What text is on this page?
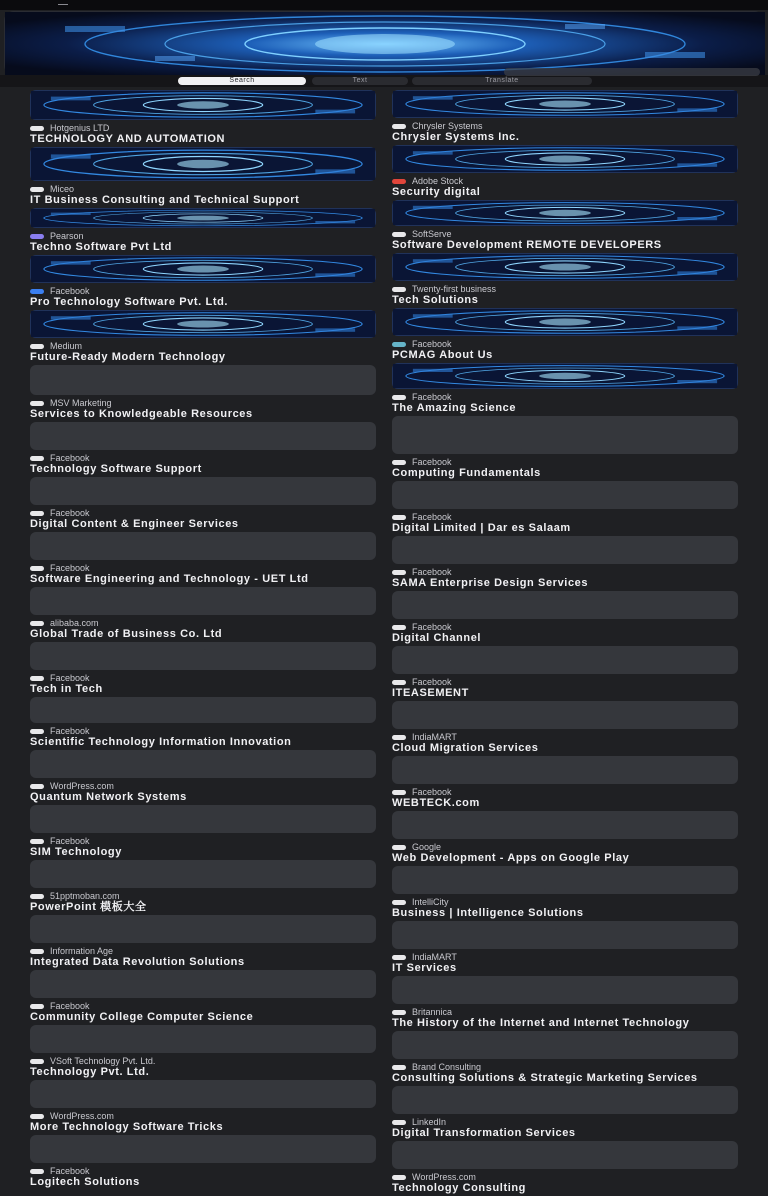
Search	Text	Translate
Hotgenius LTD
TECHNOLOGY AND AUTOMATION
Miceo
IT Business Consulting and Technical Support
Pearson
Techno Software Pvt Ltd
Facebook
Pro Technology Software Pvt. Ltd.
Medium
Future-Ready Modern Technology
MSV Marketing
Services to Knowledgeable Resources
Facebook
Technology Software Support
Facebook
Digital Content & Engineer Services
Facebook
Software Engineering and Technology - UET Ltd
alibaba.com
Global Trade of Business Co. Ltd
Facebook
Tech in Tech
Facebook
Scientific Technology Information Innovation
WordPress.com
Quantum Network Systems
Facebook
SIM Technology
51pptmoban.com
PowerPoint 模板大全
Information Age
Integrated Data Revolution Solutions
Facebook
Community College Computer Science
VSoft Technology Pvt. Ltd.
Technology Pvt. Ltd.
WordPress.com
More Technology Software Tricks
Facebook
Logitech Solutions
Chrysler Systems
Chrysler Systems Inc.
Adobe Stock
Security digital
SoftServe
Software Development REMOTE DEVELOPERS
Twenty-first business
Tech Solutions
Facebook
PCMAG About Us
Facebook
The Amazing Science
Facebook
Computing Fundamentals
Facebook
Digital Limited | Dar es Salaam
Facebook
SAMA Enterprise Design Services
Facebook
Digital Channel
Facebook
ITEASEMENT
IndiaMART
Cloud Migration Services
Facebook
WEBTECK.com
Google
Web Development - Apps on Google Play
IntelliCity
Business | Intelligence Solutions
IndiaMART
IT Services
Britannica
The History of the Internet and Internet Technology
Brand Consulting
Consulting Solutions & Strategic Marketing Services
LinkedIn
Digital Transformation Services
WordPress.com
Technology Consulting
